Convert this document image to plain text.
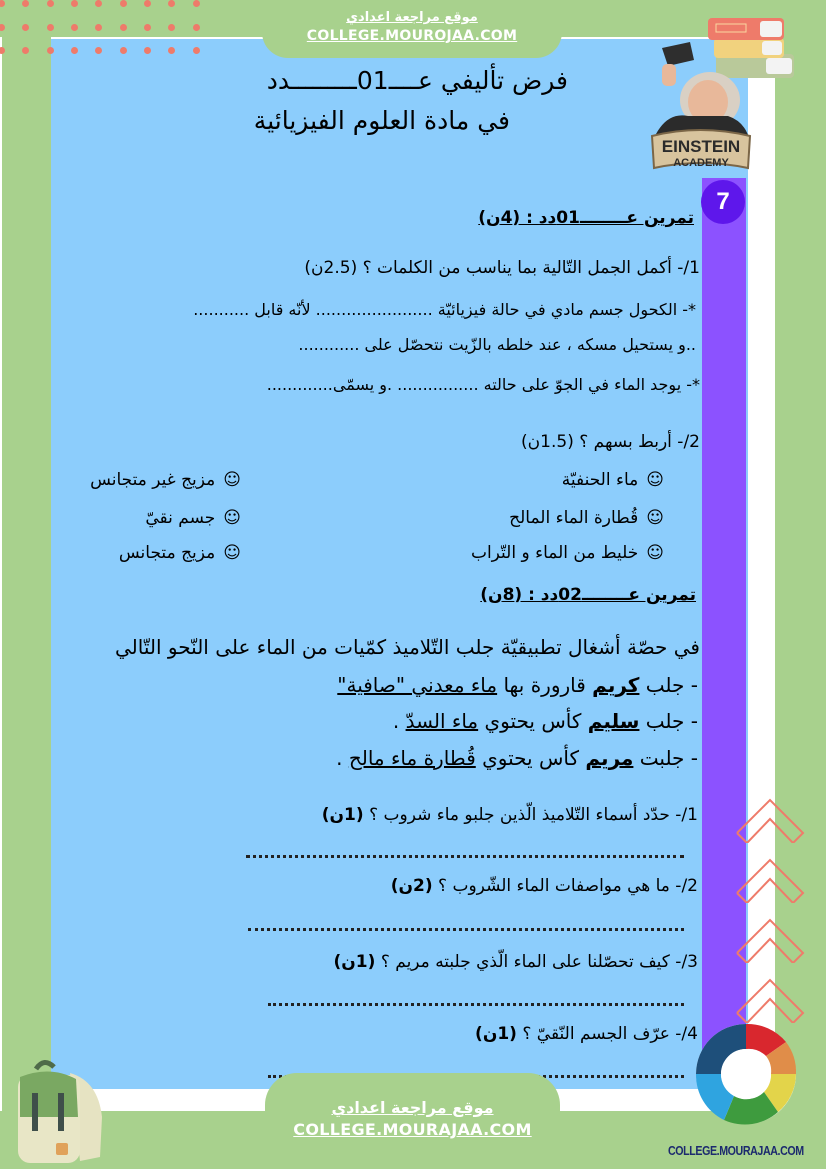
موقع مراجعة اعدادي
COLLEGE.MOUROJAA.COM
7
EINSTEIN
ACADEMY
فرض تأليفي عــــ01ـــــــــدد
في مادة العلوم الفيزيائية
تمرين عــــــــ01دد : (4ن)
1/- أكمل الجمل التّالية بما يناسب من الكلمات ؟ (2.5ن)
*- الكحول جسم مادي في حالة فيزيائيّة ....................... لأنّه قابل ...........
..و يستحيل مسكه ، عند خلطه بالزّيت نتحصّل على ............
*- يوجد الماء في الجوّ على حالته ................ .و يسمّى.............
2/- أربط بسهم ؟ (1.5ن)
☺ماء الحنفيّة
☺قُطارة الماء المالح
☺خليط من الماء و التّراب
☺مزيج غير متجانس
☺جسم نقيّ
☺مزيج متجانس
تمرين عــــــــ02دد : (8ن)
في حصّة أشغال تطبيقيّة جلب التّلاميذ كمّيات من الماء على النّحو التّالي
- جلب كريم قارورة بها ماء معدني "صافية"
- جلب سليم كأس يحتوي ماء السدّ .
- جلبت مريم كأس يحتوي قُطارة ماء مالح .
1/- حدّد أسماء التّلاميذ الّذين جلبو ماء شروب ؟ (1ن)
2/- ما هي مواصفات الماء الشّروب ؟ (2ن)
3/- كيف تحصّلنا على الماء الّذي جلبته مريم ؟ (1ن)
4/- عرّف الجسم النّقيّ ؟ (1ن)
موقع مراجعة اعدادي
COLLEGE.MOURAJAA.COM
COLLEGE.MOURAJAA.COM
